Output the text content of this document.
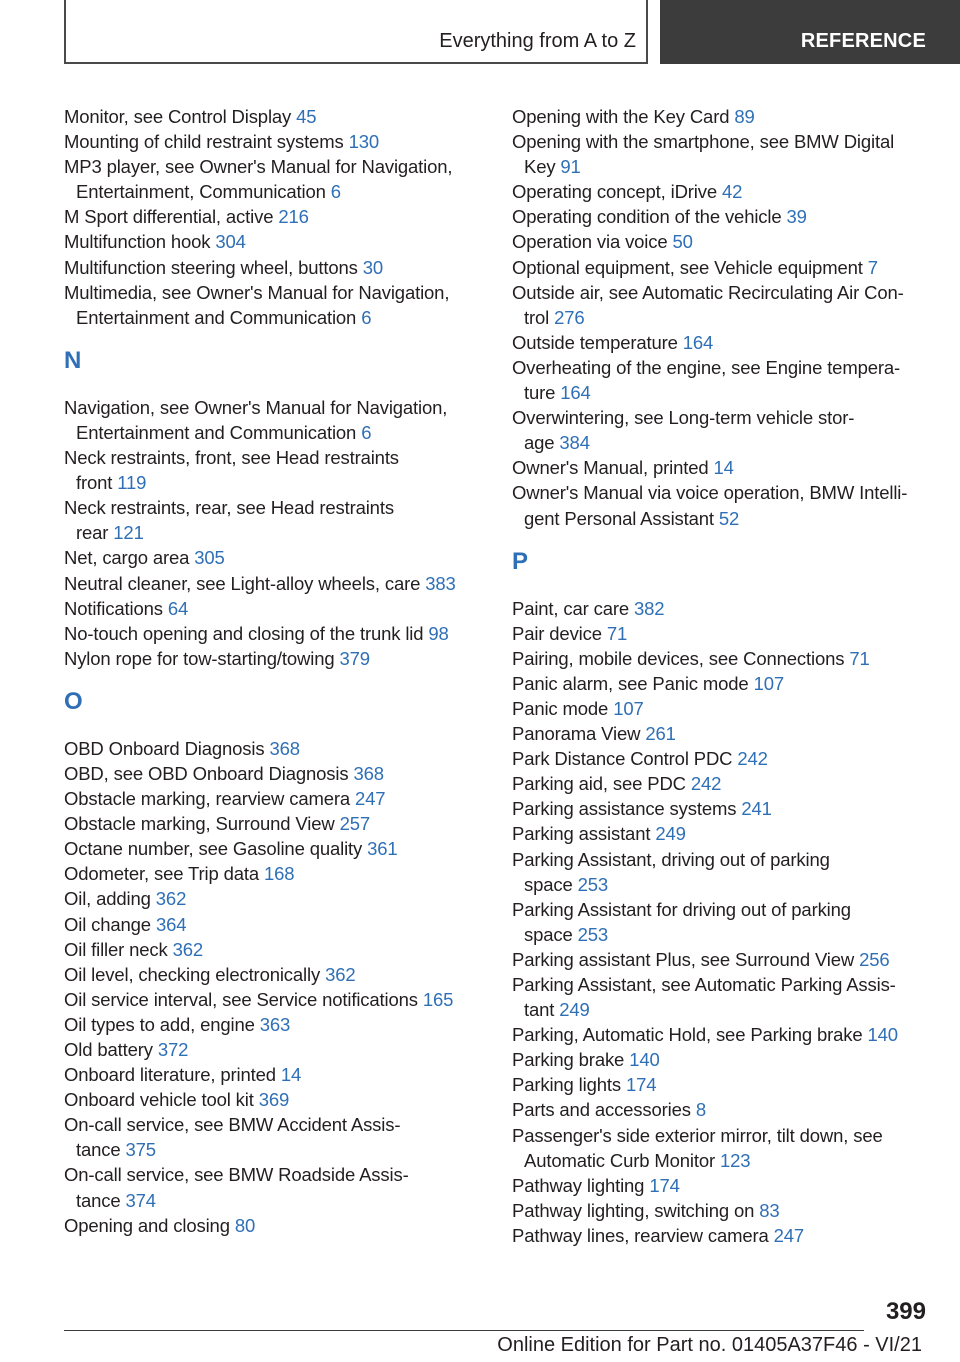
Everything from A to Z	REFERENCE
Monitor, see Control Display 45
Mounting of child restraint systems 130
MP3 player, see Owner's Manual for Navigation,
Entertainment, Communication 6
M Sport differential, active 216
Multifunction hook 304
Multifunction steering wheel, buttons 30
Multimedia, see Owner's Manual for Navigation,
Entertainment and Communication 6
N
Navigation, see Owner's Manual for Navigation,
Entertainment and Communication 6
Neck restraints, front, see Head restraints
front 119
Neck restraints, rear, see Head restraints
rear 121
Net, cargo area 305
Neutral cleaner, see Light-alloy wheels, care 383
Notifications 64
No-touch opening and closing of the trunk lid 98
Nylon rope for tow-starting/towing 379
O
OBD Onboard Diagnosis 368
OBD, see OBD Onboard Diagnosis 368
Obstacle marking, rearview camera 247
Obstacle marking, Surround View 257
Octane number, see Gasoline quality 361
Odometer, see Trip data 168
Oil, adding 362
Oil change 364
Oil filler neck 362
Oil level, checking electronically 362
Oil service interval, see Service notifications 165
Oil types to add, engine 363
Old battery 372
Onboard literature, printed 14
Onboard vehicle tool kit 369
On-call service, see BMW Accident Assis-
tance 375
On-call service, see BMW Roadside Assis-
tance 374
Opening and closing 80
Opening with the Key Card 89
Opening with the smartphone, see BMW Digital
Key 91
Operating concept, iDrive 42
Operating condition of the vehicle 39
Operation via voice 50
Optional equipment, see Vehicle equipment 7
Outside air, see Automatic Recirculating Air Con-
trol 276
Outside temperature 164
Overheating of the engine, see Engine tempera-
ture 164
Overwintering, see Long-term vehicle stor-
age 384
Owner's Manual, printed 14
Owner's Manual via voice operation, BMW Intelli-
gent Personal Assistant 52
P
Paint, car care 382
Pair device 71
Pairing, mobile devices, see Connections 71
Panic alarm, see Panic mode 107
Panic mode 107
Panorama View 261
Park Distance Control PDC 242
Parking aid, see PDC 242
Parking assistance systems 241
Parking assistant 249
Parking Assistant, driving out of parking
space 253
Parking Assistant for driving out of parking
space 253
Parking assistant Plus, see Surround View 256
Parking Assistant, see Automatic Parking Assis-
tant 249
Parking, Automatic Hold, see Parking brake 140
Parking brake 140
Parking lights 174
Parts and accessories 8
Passenger's side exterior mirror, tilt down, see
Automatic Curb Monitor 123
Pathway lighting 174
Pathway lighting, switching on 83
Pathway lines, rearview camera 247
399
Online Edition for Part no. 01405A37F46 - VI/21
